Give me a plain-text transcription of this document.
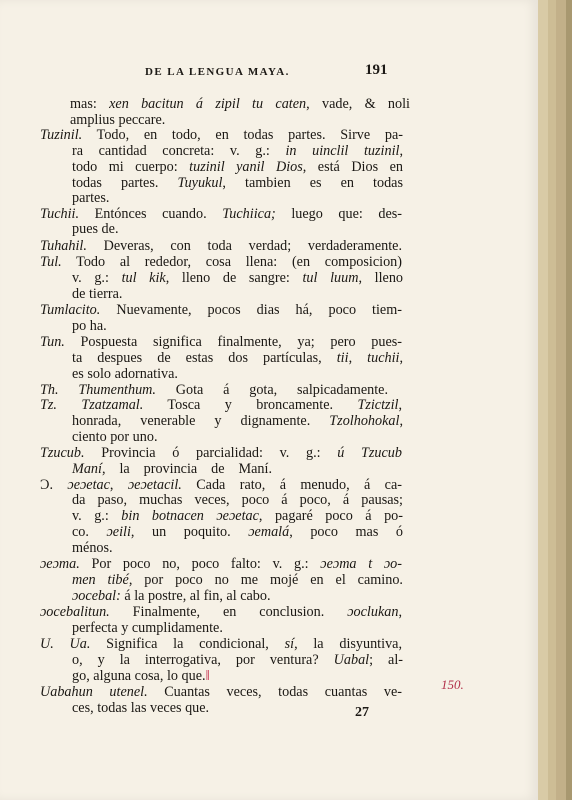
DE LA LENGUA MAYA.	191
mas: xen bacitun á zipil tu caten, vade, & noli
amplius peccare.
Tuzinil. Todo, en todo, en todas partes. Sirve pa-
ra cantidad concreta: v. g.: in uinclil tuzinil,
todo mi cuerpo: tuzinil yanil Dios, está Dios en
todas partes. Tuyukul, tambien es en todas
partes.
Tuchii. Entónces cuando. Tuchiica; luego que: des-
pues de.
Tuhahil. Deveras, con toda verdad; verdaderamente.
Tul. Todo al rededor, cosa llena: (en composicion)
v. g.: tul kik, lleno de sangre: tul luum, lleno
de tierra.
Tumlacito. Nuevamente, pocos dias há, poco tiem-
po ha.
Tun. Pospuesta significa finalmente, ya; pero pues-
ta despues de estas dos partículas, tii, tuchii,
es solo adornativa.
Th. Thumenthum. Gota á gota, salpicadamente.
Tz. Tzatzamal. Tosca y broncamente. Tzictzil,
honrada, venerable y dignamente. Tzolhohokal,
ciento por uno.
Tzucub. Provincia ó parcialidad: v. g.: ú Tzucub
Maní, la provincia de Maní.
Ɔ. ɔeɔetac, ɔeɔetacil. Cada rato, á menudo, á ca-
da paso, muchas veces, poco á poco, á pausas;
v. g.: bin botnacen ɔeɔetac, pagaré poco á po-
co. ɔeili, un poquito. ɔemalá, poco mas ó
ménos.
ɔeɔma. Por poco no, poco falto: v. g.: ɔeɔma t ɔo-
men tibé, por poco no me mojé en el camino.
ɔocebal: á la postre, al fin, al cabo.
ɔocebalitun. Finalmente, en conclusion. ɔoclukan,
perfecta y cumplidamente.
U. Ua. Significa la condicional, sí, la disyuntiva,
o, y la interrogativa, por ventura? Uabal; al-
go, alguna cosa, lo que.‖
Uabahun utenel. Cuantas veces, todas cuantas ve-
ces, todas las veces que.	27
150.
